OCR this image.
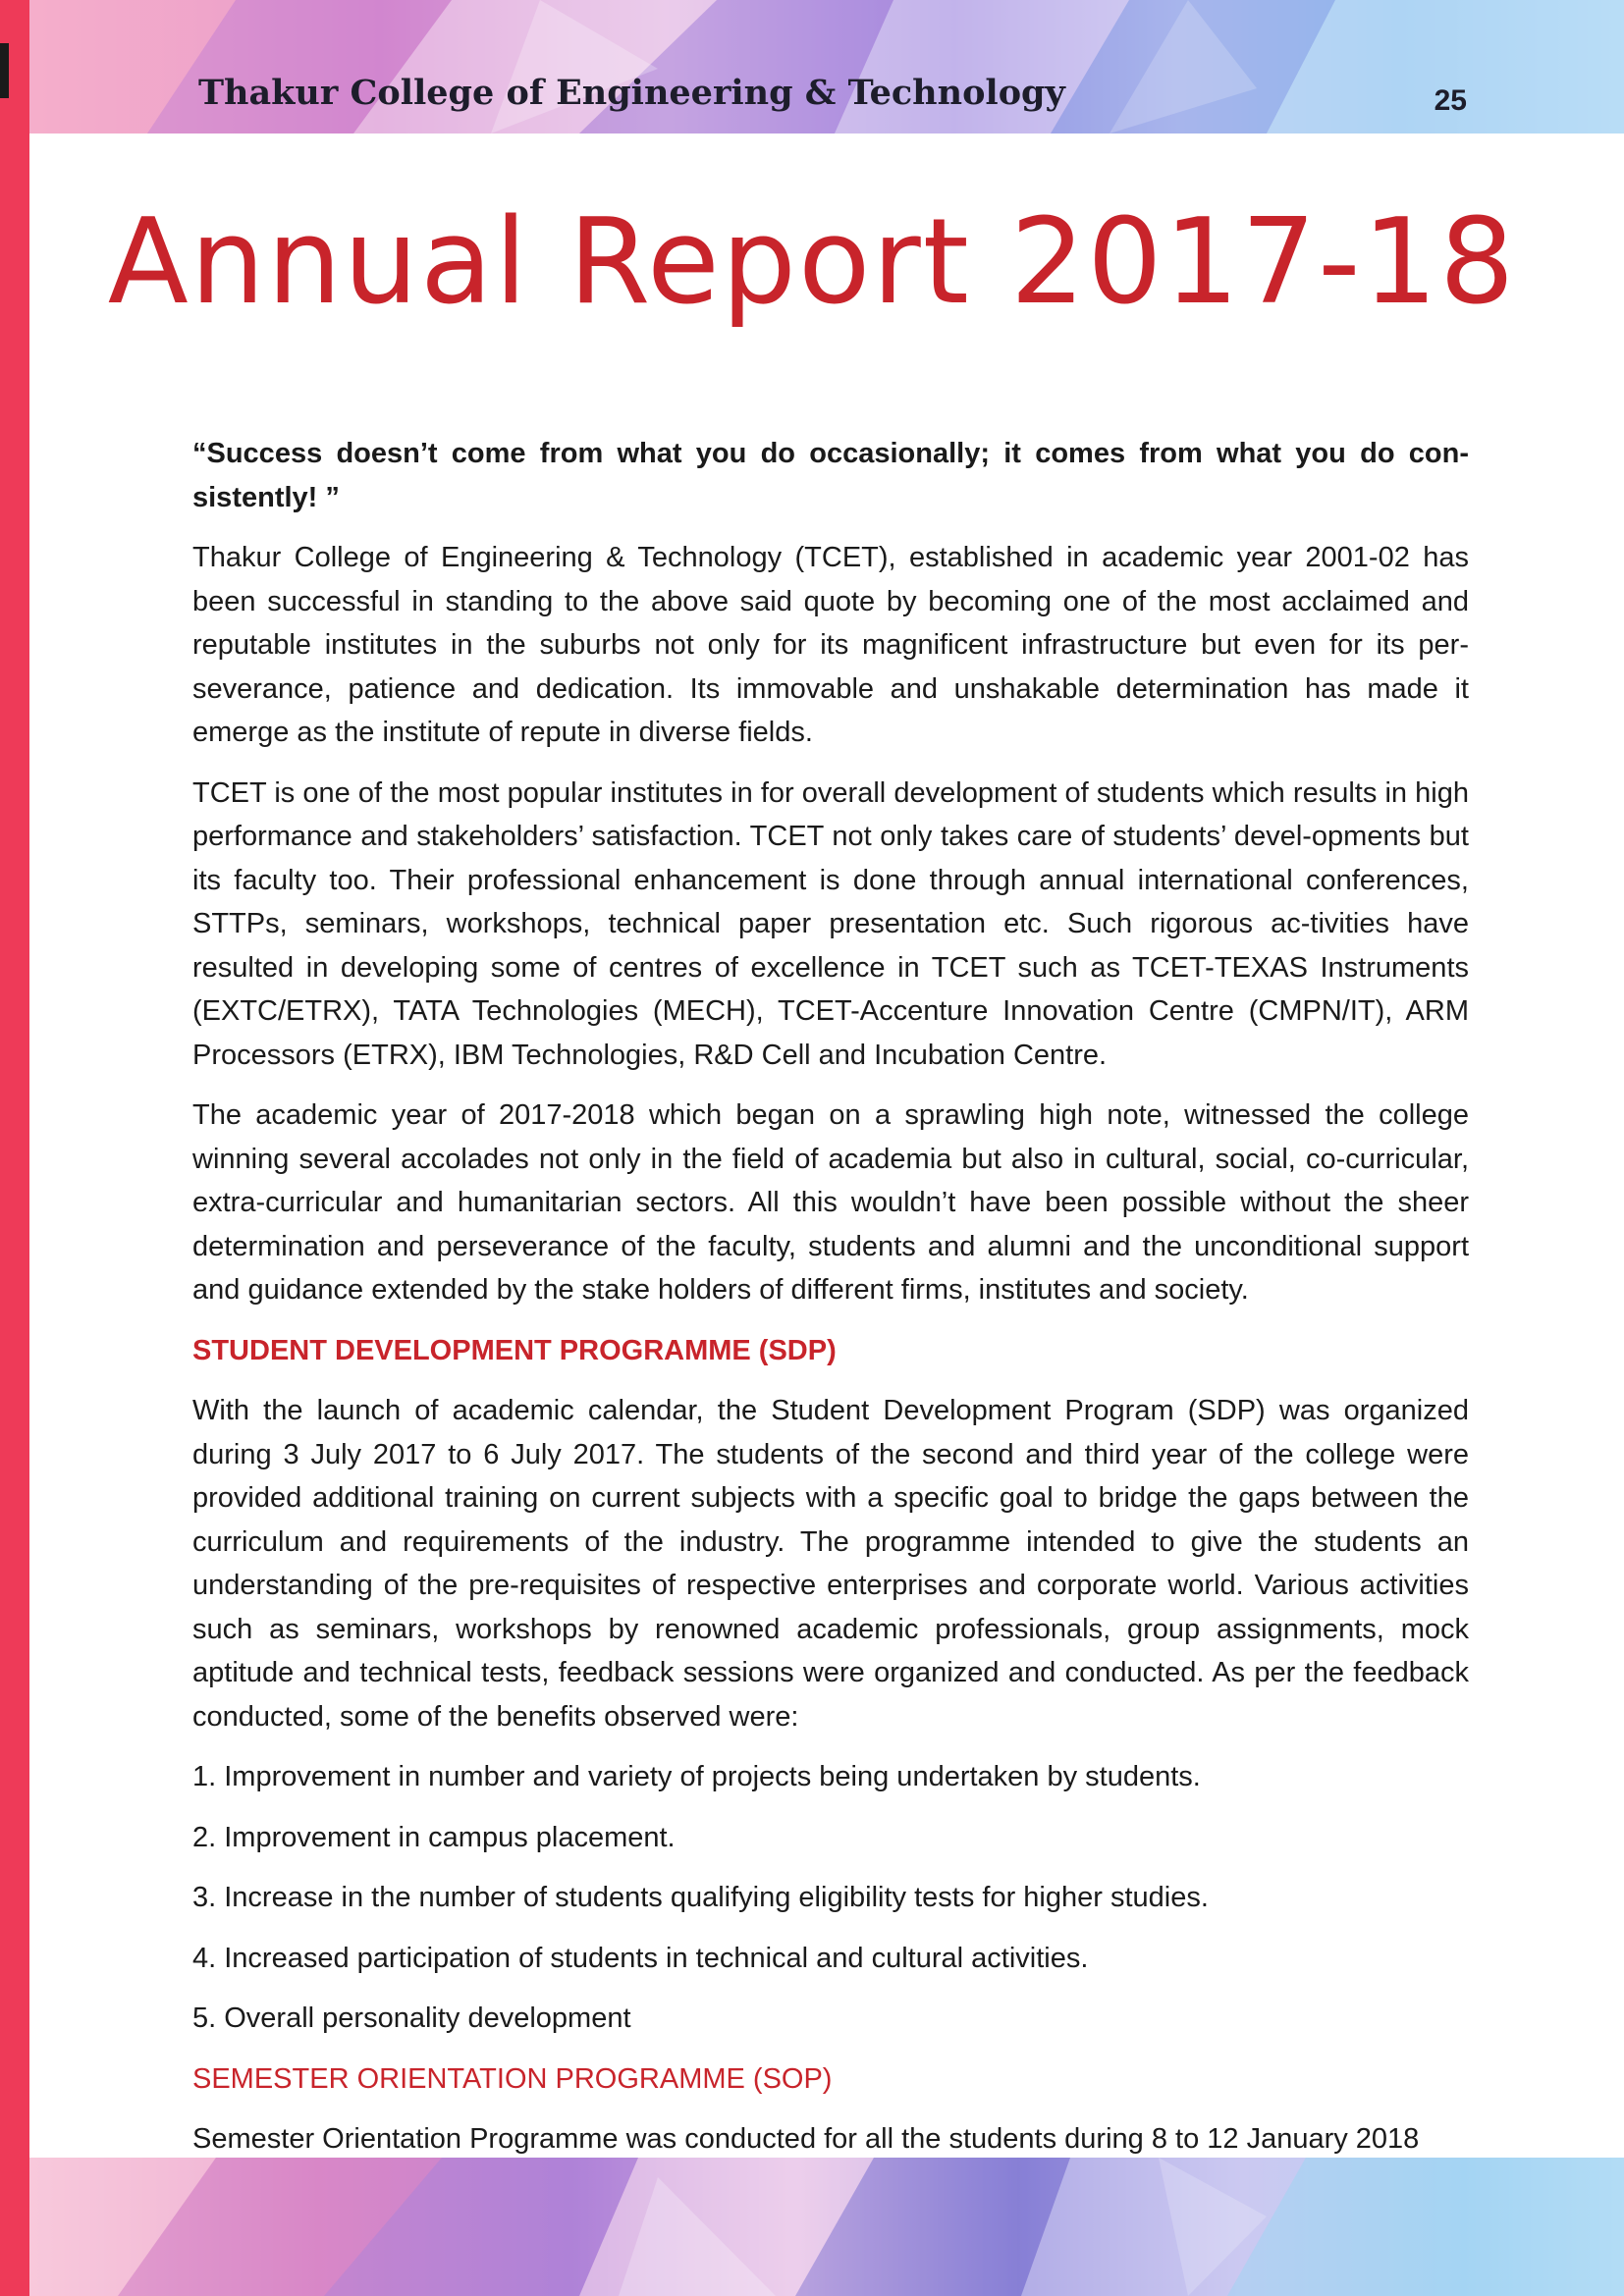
Thakur College of Engineering & Technology	25
Annual Report 2017-18

“Success doesn’t come from what you do occasionally; it comes from what you do con-sistently! ”

Thakur College of Engineering & Technology (TCET), established in academic year 2001-02 has been successful in standing to the above said quote by becoming one of the most acclaimed and reputable institutes in the suburbs not only for its magnificent infrastructure but even for its per-severance, patience and dedication. Its immovable and unshakable determination has made it emerge as the institute of repute in diverse fields.

TCET is one of the most popular institutes in for overall development of students which results in high performance and stakeholders’ satisfaction. TCET not only takes care of students’ devel-opments but its faculty too. Their professional enhancement is done through annual international conferences, STTPs, seminars, workshops, technical paper presentation etc. Such rigorous ac-tivities have resulted in developing some of centres of excellence in TCET such as TCET-TEXAS Instruments (EXTC/ETRX), TATA Technologies (MECH), TCET-Accenture Innovation Centre (CMPN/IT), ARM Processors (ETRX), IBM Technologies, R&D Cell and Incubation Centre.

The academic year of 2017-2018 which began on a sprawling high note, witnessed the college winning several accolades not only in the field of academia but also in cultural, social, co-curricular, extra-curricular and humanitarian sectors. All this wouldn’t have been possible without the sheer determination and perseverance of the faculty, students and alumni and the unconditional support and guidance extended by the stake holders of different firms, institutes and society.

STUDENT DEVELOPMENT PROGRAMME (SDP)

With the launch of academic calendar, the Student Development Program (SDP) was organized during 3 July 2017 to 6 July 2017. The students of the second and third year of the college were provided additional training on current subjects with a specific goal to bridge the gaps between the curriculum and requirements of the industry. The programme intended to give the students an understanding of the pre-requisites of respective enterprises and corporate world. Various activities such as seminars, workshops by renowned academic professionals, group assignments, mock aptitude and technical tests, feedback sessions were organized and conducted. As per the feedback conducted, some of the benefits observed were:

1. Improvement in number and variety of projects being undertaken by students.

2. Improvement in campus placement.

3. Increase in the number of students qualifying eligibility tests for higher studies.

4. Increased participation of students in technical and cultural activities.

5. Overall personality development

SEMESTER ORIENTATION PROGRAMME (SOP)

Semester Orientation Programme was conducted for all the students during 8 to 12 January 2018
